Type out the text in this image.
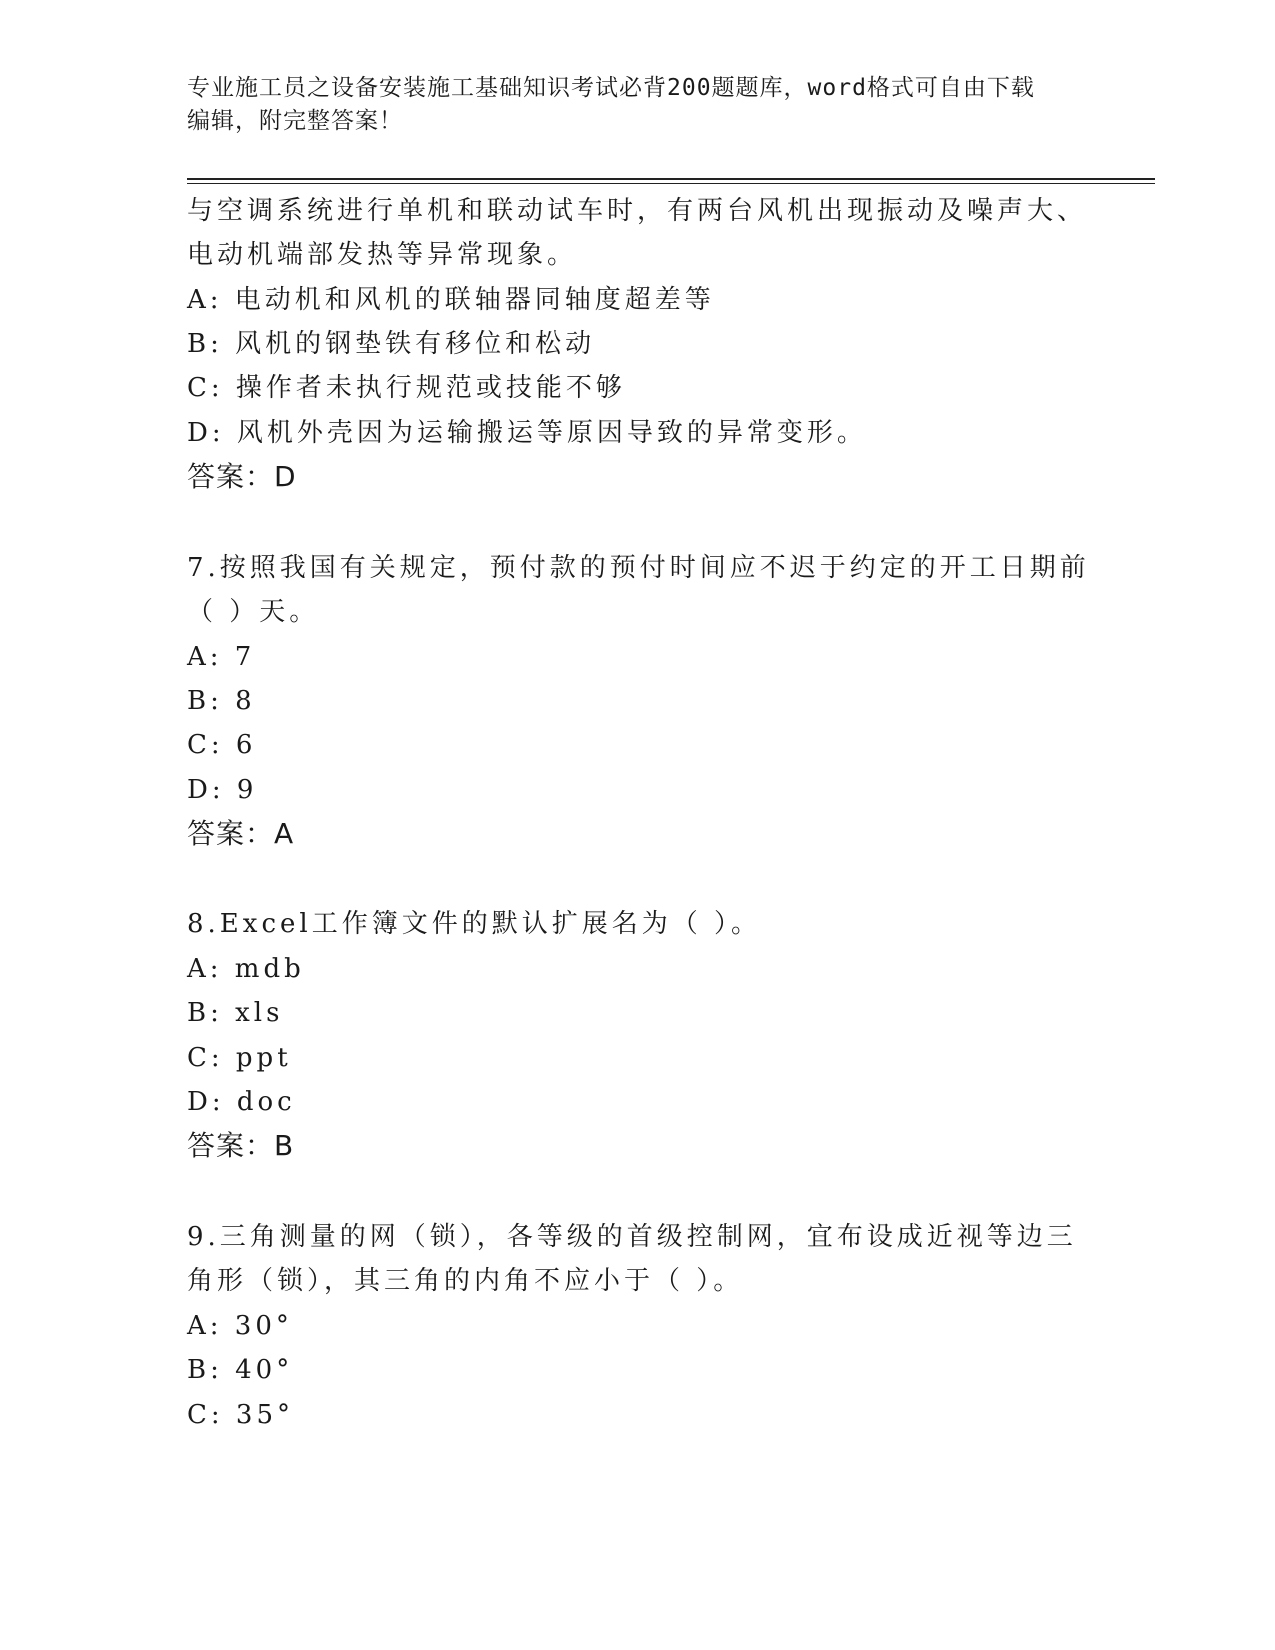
专业施工员之设备安装施工基础知识考试必背200题题库，word格式可自由下载
编辑，附完整答案！
与空调系统进行单机和联动试车时，有两台风机出现振动及噪声大、
电动机端部发热等异常现象。
A: 电动机和风机的联轴器同轴度超差等
B: 风机的钢垫铁有移位和松动
C: 操作者未执行规范或技能不够
D: 风机外壳因为运输搬运等原因导致的异常变形。
答案：D
7.按照我国有关规定，预付款的预付时间应不迟于约定的开工日期前
（ ）天。
A: 7
B: 8
C: 6
D: 9
答案：A
8.Excel工作簿文件的默认扩展名为（ ）。
A: mdb
B: xls
C: ppt
D: doc
答案：B
9.三角测量的网（锁），各等级的首级控制网，宜布设成近视等边三
角形（锁），其三角的内角不应小于（ ）。
A: 30°
B: 40°
C: 35°
